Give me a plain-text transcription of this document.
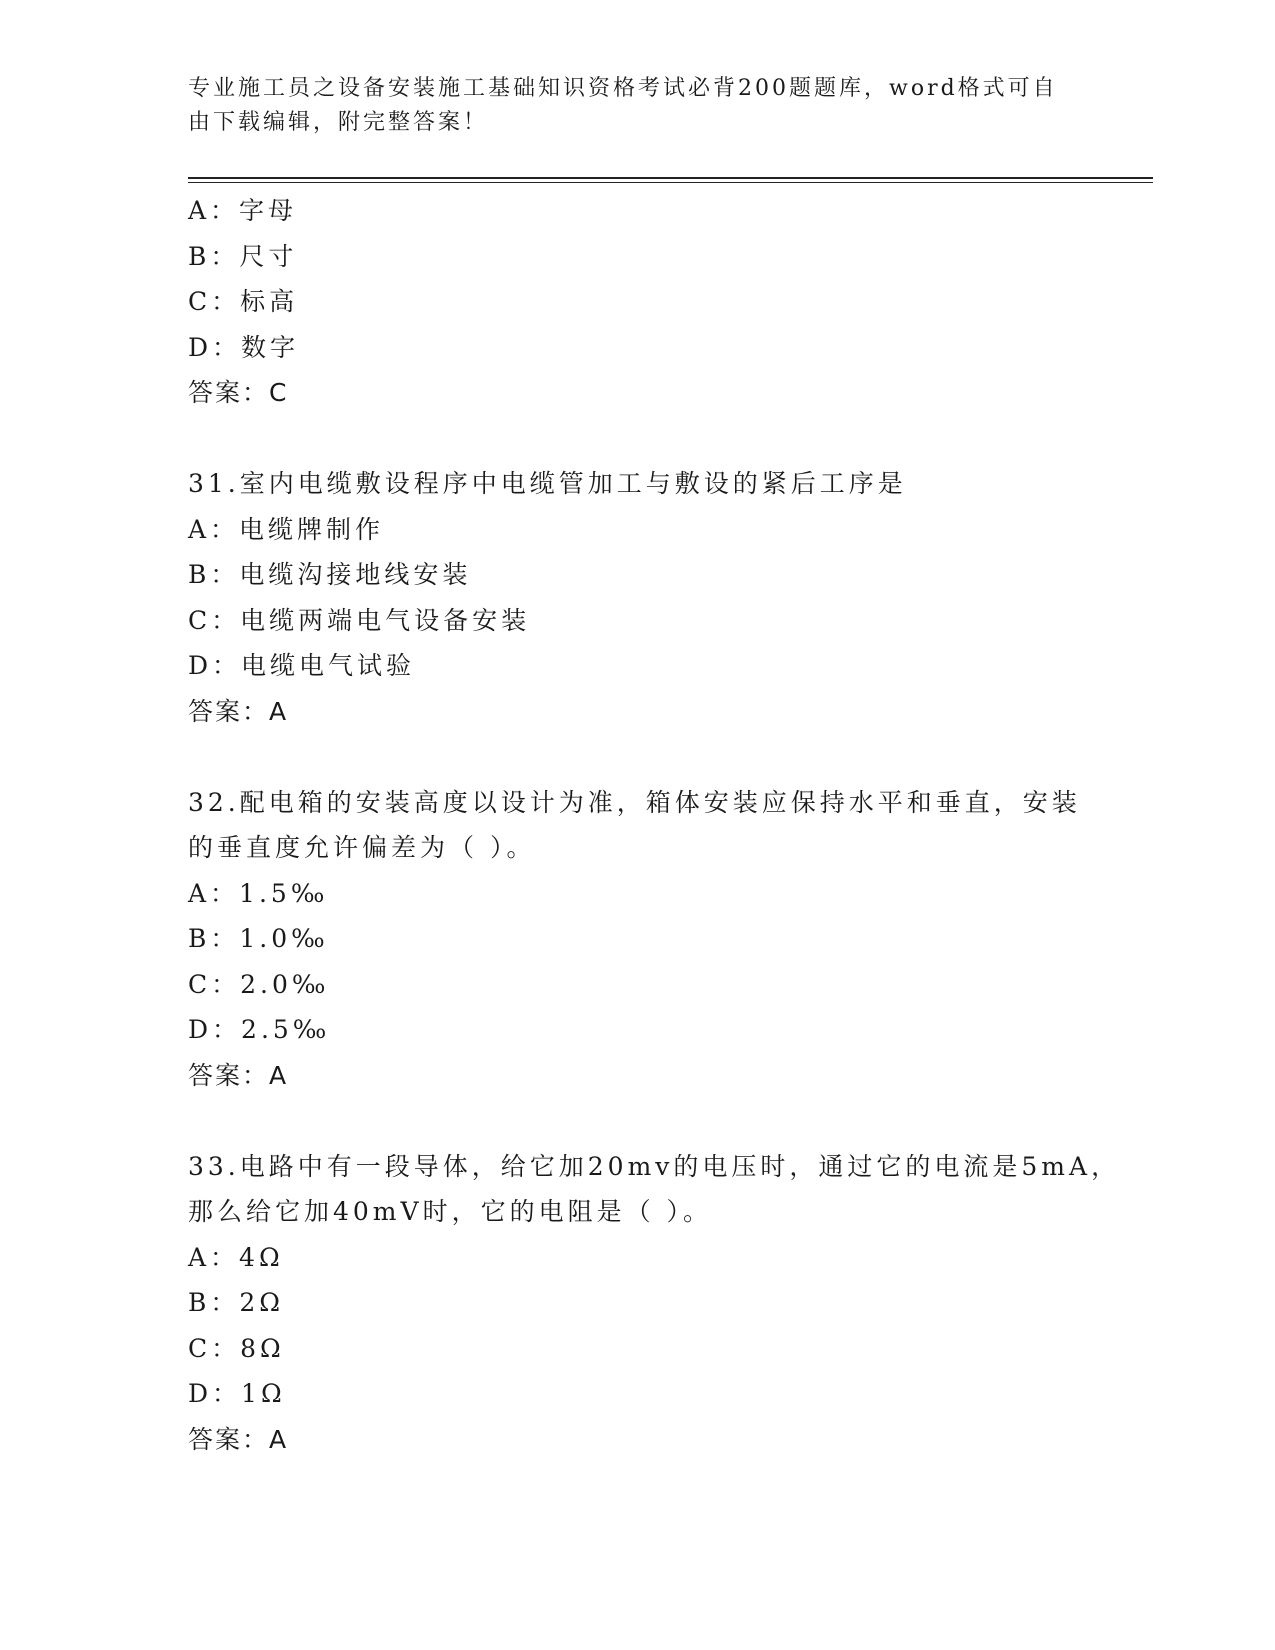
专业施工员之设备安装施工基础知识资格考试必背200题题库，word格式可自由下载编辑，附完整答案！
A：字母
B：尺寸
C：标高
D：数字
答案：C
31.室内电缆敷设程序中电缆管加工与敷设的紧后工序是
A：电缆牌制作
B：电缆沟接地线安装
C：电缆两端电气设备安装
D：电缆电气试验
答案：A
32.配电箱的安装高度以设计为准，箱体安装应保持水平和垂直，安装
的垂直度允许偏差为（ ）。
A：1.5‰
B：1.0‰
C：2.0‰
D：2.5‰
答案：A
33.电路中有一段导体，给它加20mv的电压时，通过它的电流是5mA，
那么给它加40mV时，它的电阻是（ ）。
A：4Ω
B：2Ω
C：8Ω
D：1Ω
答案：A
